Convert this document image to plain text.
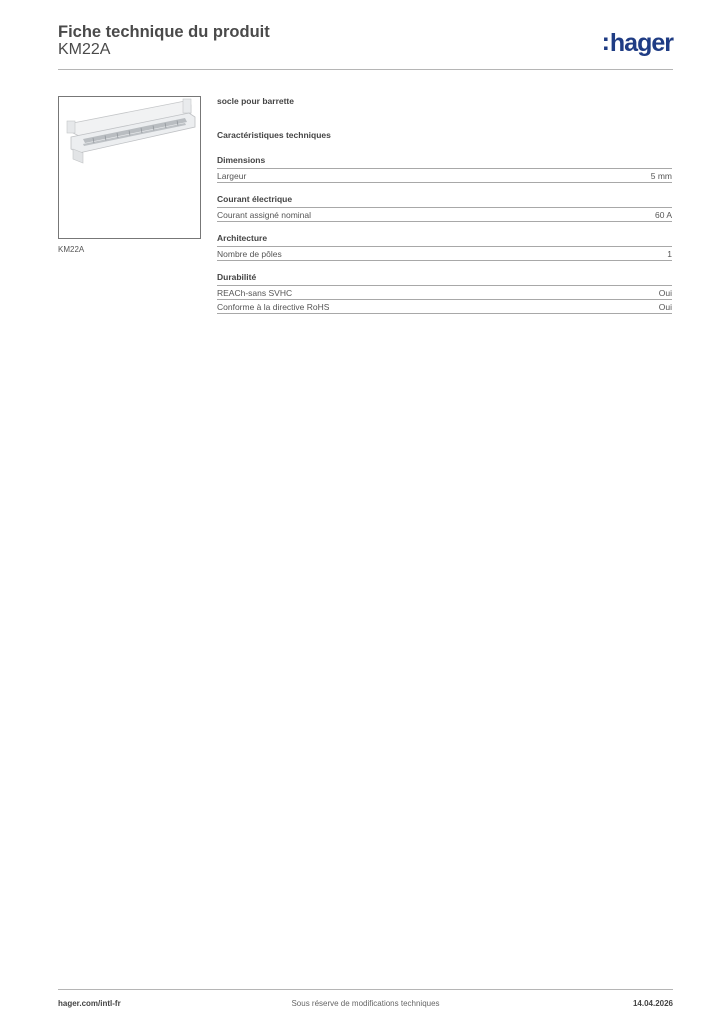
Fiche technique du produit
KM22A	:hager
KM22A
socle pour barrette
Caractéristiques techniques
Dimensions
Largeur	5 mm
Courant électrique
Courant assigné nominal	60 A
Architecture
Nombre de pôles	1
Durabilité
REACh-sans SVHC	Oui
Conforme à la directive RoHS	Oui
hager.com/intl-fr	Sous réserve de modifications techniques	14.04.2026
